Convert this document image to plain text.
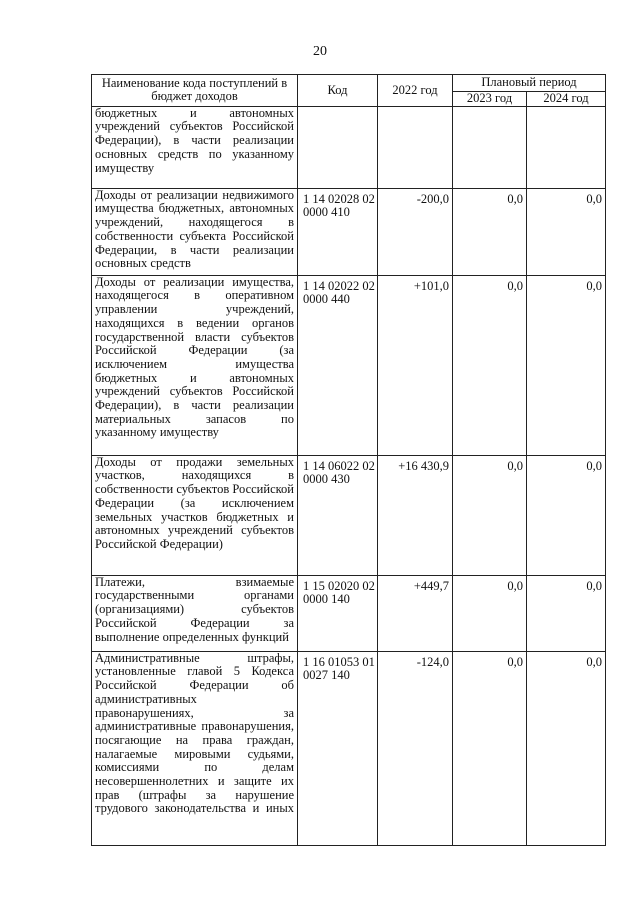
20
Наименование кода поступлений в бюджет доходов	Код	2022 год	Плановый период	
			2023 год	2024 год
бюджетных и автономных учреждений субъектов Российской Федерации), в части реализации основных средств по указанному имуществу				
Доходы от реализации недвижимого имущества бюджетных, автономных учреждений, находящегося в собственности субъекта Российской Федерации, в части реализации основных средств	1 14 02028 02 0000 410	-200,0	0,0	0,0
Доходы от реализации имущества, находящегося в оперативном управлении учреждений, находящихся в ведении органов государственной власти субъектов Российской Федерации (за исключением имущества бюджетных и автономных учреждений субъектов Российской Федерации), в части реализации материальных запасов по указанному имуществу	1 14 02022 02 0000 440	+101,0	0,0	0,0
Доходы от продажи земельных участков, находящихся в собственности субъектов Российской Федерации (за исключением земельных участков бюджетных и автономных учреждений субъектов Российской Федерации)	1 14 06022 02 0000 430	+16 430,9	0,0	0,0
Платежи, взимаемые государственными органами (организациями) субъектов Российской Федерации за выполнение определенных функций	1 15 02020 02 0000 140	+449,7	0,0	0,0
Административные штрафы, установленные главой 5 Кодекса Российской Федерации об административных правонарушениях, за административные правонарушения, посягающие на права граждан, налагаемые мировыми судьями, комиссиями по делам несовершеннолетних и защите их прав (штрафы за нарушение трудового законодательства и иных	1 16 01053 01 0027 140	-124,0	0,0	0,0
